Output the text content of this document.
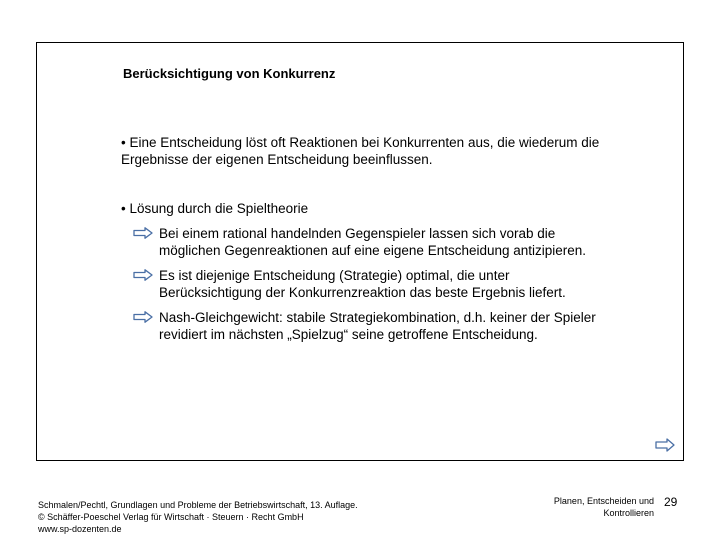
Berücksichtigung von Konkurrenz
• Eine Entscheidung löst oft Reaktionen bei Konkurrenten aus, die wiederum die
Ergebnisse der eigenen Entscheidung beeinflussen.
• Lösung durch die Spieltheorie
Bei einem rational handelnden Gegenspieler lassen sich vorab die
möglichen Gegenreaktionen auf eine eigene Entscheidung antizipieren.
Es ist diejenige Entscheidung (Strategie) optimal, die unter
Berücksichtigung der Konkurrenzreaktion das beste Ergebnis liefert.
Nash-Gleichgewicht: stabile Strategiekombination, d.h. keiner der Spieler
revidiert im nächsten „Spielzug“ seine getroffene Entscheidung.
Schmalen/Pechtl, Grundlagen und Probleme der Betriebswirtschaft, 13. Auflage.
© Schäffer-Poeschel Verlag für Wirtschaft · Steuern · Recht GmbH
www.sp-dozenten.de
Planen, Entscheiden und
Kontrollieren
29
